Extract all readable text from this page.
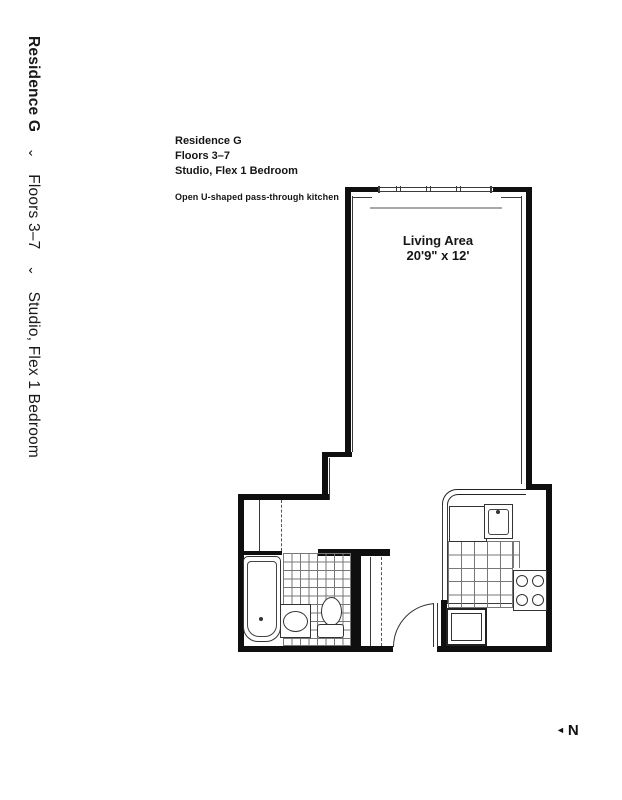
Residence G ⌄ Floors 3–7 ⌄ Studio, Flex 1 Bedroom
Residence G
Floors 3–7
Studio, Flex 1 Bedroom
Open U-shaped pass-through kitchen
Living Area
20'9" x 12'
◄ N
